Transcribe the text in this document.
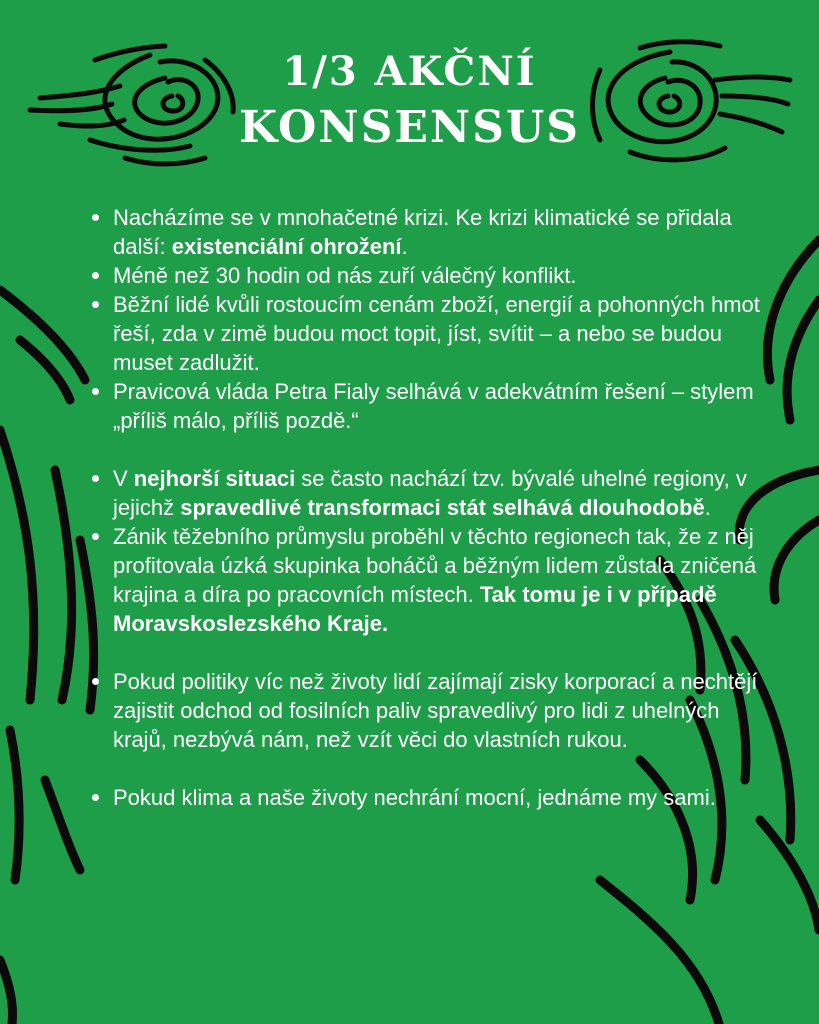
1/3 AKČNÍ
KONSENSUS
Nacházíme se v mnohačetné krizi. Ke krizi klimatické se přidala další: existenciální ohrožení.
Méně než 30 hodin od nás zuří válečný konflikt.
Běžní lidé kvůli rostoucím cenám zboží, energií a pohonných hmot řeší, zda v zimě budou moct topit, jíst, svítit – a nebo se budou muset zadlužit.
Pravicová vláda Petra Fialy selhává v adekvátním řešení – stylem „příliš málo, příliš pozdě.“
V nejhorší situaci se často nachází tzv. bývalé uhelné regiony, v jejichž spravedlivé transformaci stát selhává dlouhodobě.
Zánik těžebního průmyslu proběhl v těchto regionech tak, že z něj profitovala úzká skupinka boháčů a běžným lidem zůstala zničená krajina a díra po pracovních místech. Tak tomu je i v případě Moravskoslezského Kraje.
Pokud politiky víc než životy lidí zajímají zisky korporací a nechtějí zajistit odchod od fosilních paliv spravedlivý pro lidi z uhelných krajů, nezbývá nám, než vzít věci do vlastních rukou.
Pokud klima a naše životy nechrání mocní, jednáme my sami.
